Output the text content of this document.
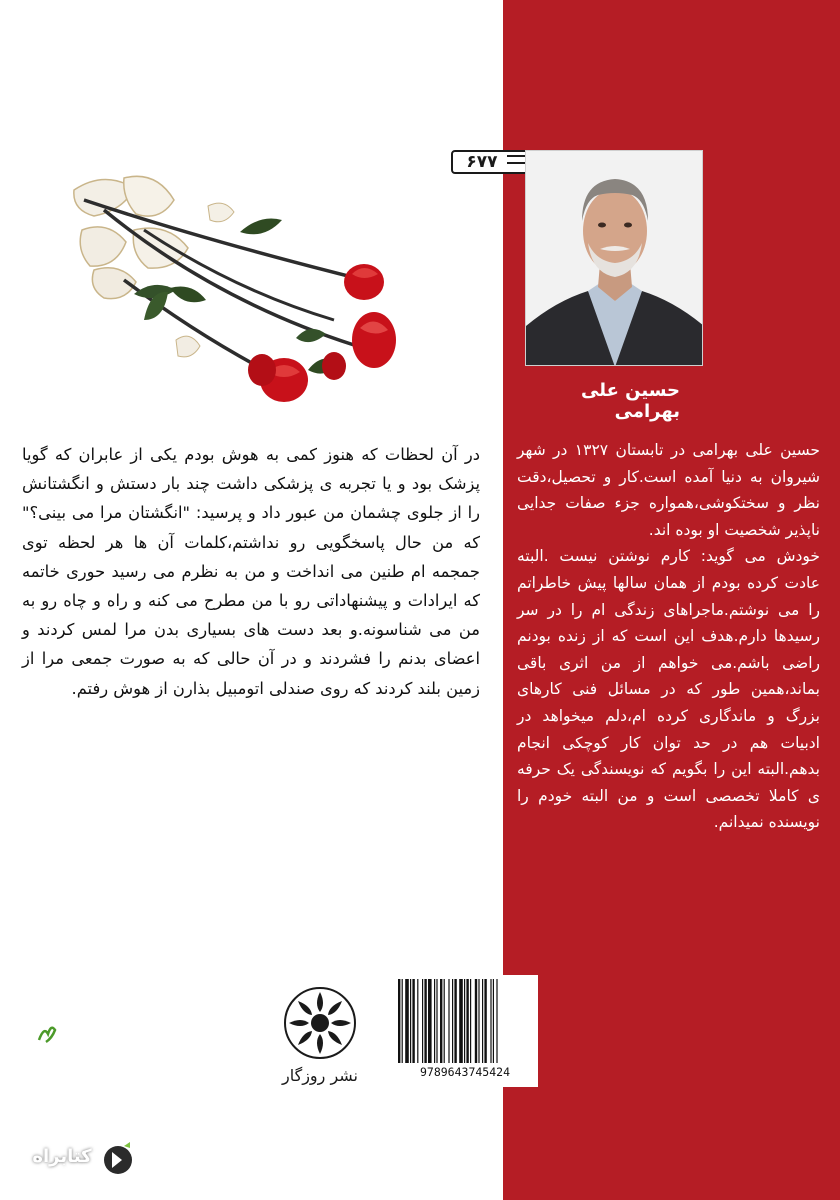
۶۷۷
حسین علی بهرامی

حسین علی بهرامی در تابستان ۱۳۲۷ در شهر شیروان به دنیا آمده است.کار و تحصیل،دقت نظر و سختکوشی،همواره جزء صفات جدایی ناپذیر شخصیت او بوده اند.

خودش می گوید: کارم نوشتن نیست .البته عادت کرده بودم از همان سالها پیش خاطراتم را می نوشتم.ماجراهای زندگی ام را در سر رسیدها دارم.هدف این است که از زنده بودنم راضی باشم.می خواهم از من اثری باقی بماند،همین طور که در مسائل فنی کارهای بزرگ و ماندگاری کرده ام،دلم میخواهد در ادبیات هم در حد توان کار کوچکی انجام بدهم.البته این را بگویم که نویسندگی یک حرفه ی کاملا تخصصی است و من البته خودم را نویسنده نمیدانم.

در آن لحظات که هنوز کمی به هوش بودم یکی از عابران که گویا پزشک بود و یا تجربه ی پزشکی داشت چند بار دستش و انگشتانش را از جلوی چشمان من عبور داد و پرسید: "انگشتان مرا می بینی؟" که من حال پاسخگویی رو نداشتم،کلمات آن ها هر لحظه توی جمجمه ام طنین می انداخت و من به نظرم می رسید حوری خاتمه که ایرادات و پیشنهاداتی رو با من مطرح می کنه و راه و چاه رو به من می شناسونه.و بعد دست های بسیاری بدن مرا لمس کردند و اعضای بدنم را فشردند و در آن حالی که به صورت جمعی مرا از زمین بلند کردند که روی صندلی اتومبیل بذارن از هوش رفتم.
نشر روزگار	9789643745424
کتابراه
